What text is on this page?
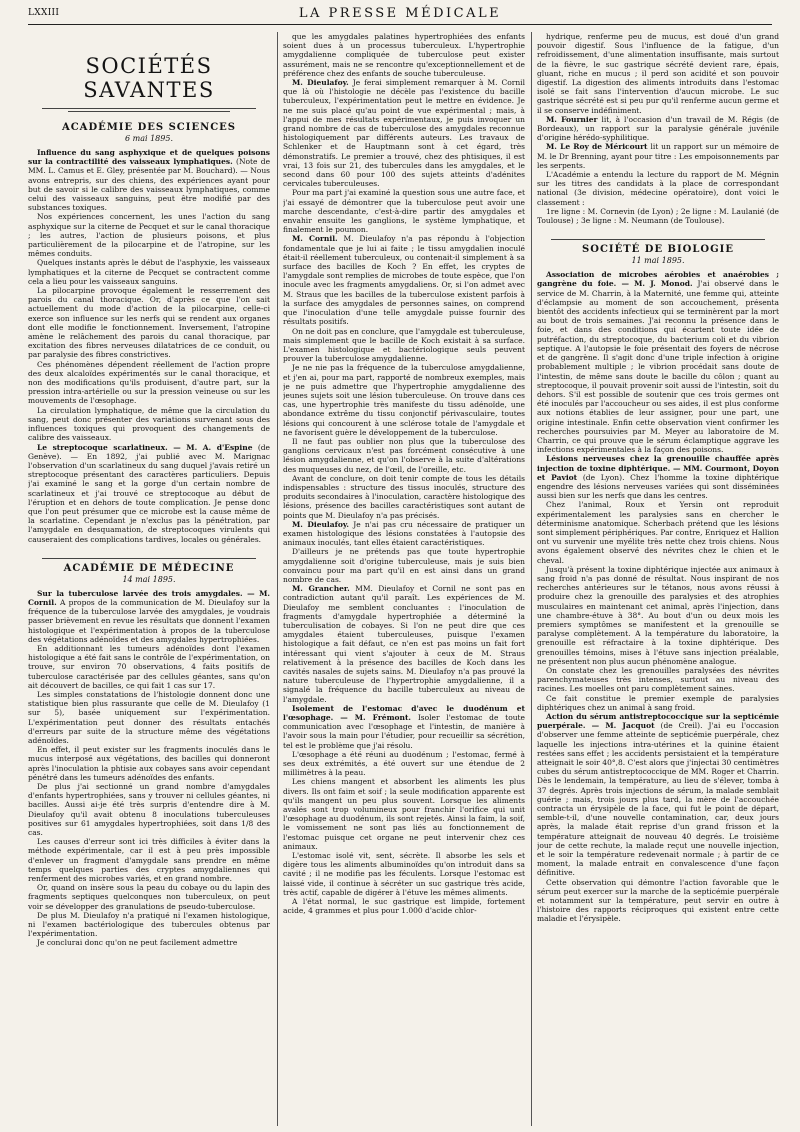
LXXIII	LA PRESSE MÉDICALE
SOCIÉTÉS SAVANTES
ACADÉMIE DES SCIENCES
6 mai 1895.

Influence du sang asphyxique et de quelques poisons sur la contractilité des vaisseaux lymphatiques. (Note de MM. L. Camus et E. Gley, présentée par M. Bouchard). — Nous avons entrepris, sur des chiens, des expériences ayant pour but de savoir si le calibre des vaisseaux lymphatiques, comme celui des vaisseaux sanguins, peut être modifié par des substances toxiques.

Nos expériences concernent, les unes l'action du sang asphyxique sur la citerne de Pecquet et sur le canal thoracique ; les autres, l'action de plusieurs poisons, et plus particulièrement de la pilocarpine et de l'atropine, sur les mêmes conduits.

Quelques instants après le début de l'asphyxie, les vaisseaux lymphatiques et la citerne de Pecquet se contractent comme cela a lieu pour les vaisseaux sanguins.

La pilocarpine provoque également le resserrement des parois du canal thoracique. Or, d'après ce que l'on sait actuellement du mode d'action de la pilocarpine, celle-ci exerce son influence sur les nerfs qui se rendent aux organes dont elle modifie le fonctionnement. Inversement, l'atropine amène le relâchement des parois du canal thoracique, par excitation des fibres nerveuses dilatatrices de ce conduit, ou par paralysie des fibres constrictives.

Ces phénomènes dépendent réellement de l'action propre des deux alcaloïdes expérimentés sur le canal thoracique, et non des modifications qu'ils produisent, d'autre part, sur la pression intra-artérielle ou sur la pression veineuse ou sur les mouvements de l'œsophage.

La circulation lymphatique, de même que la circulation du sang, peut donc présenter des variations survenant sous des influences toxiques qui provoquent des changements de calibre des vaisseaux.

Le streptocoque scarlatineux. — M. A. d'Espine (de Genève). — En 1892, j'ai publié avec M. Marignac l'observation d'un scarlatineux du sang duquel j'avais retiré un streptocoque présentant des caractères particuliers. Depuis j'ai examiné le sang et la gorge d'un certain nombre de scarlatineux et j'ai trouvé ce streptocoque au début de l'éruption et en dehors de toute complication. Je pense donc que l'on peut présumer que ce microbe est la cause même de la scarlatine. Cependant je n'exclus pas la pénétration, par l'amygdale en desquamation, de streptocoques virulents qui causeraient des complications tardives, locales ou générales.

ACADÉMIE DE MÉDECINE
14 mai 1895.

Sur la tuberculose larvée des trois amygdales. — M. Cornil. A propos de la communication de M. Dieulafoy sur la fréquence de la tuberculose larvée des amygdales, je voudrais passer brièvement en revue les résultats que donnent l'examen histologique et l'expérimentation à propos de la tuberculose des végétations adénoïdes et des amygdales hypertrophiées.

En additionnant les tumeurs adénoïdes dont l'examen histologique a été fait sans le contrôle de l'expérimentation, on trouve, sur environ 70 observations, 4 faits positifs de tuberculose caractérisée par des cellules géantes, sans qu'on ait découvert de bacilles, ce qui fait 1 cas sur 17.

Les simples constatations de l'histologie donnent donc une statistique bien plus rassurante que celle de M. Dieulafoy (1 sur 5), basée uniquement sur l'expérimentation. L'expérimentation peut donner des résultats entachés d'erreurs par suite de la structure même des végétations adénoïdes.

En effet, il peut exister sur les fragments inoculés dans le mucus interposé aux végétations, des bacilles qui donneront après l'inoculation la phtisie aux cobayes sans avoir cependant pénétré dans les tumeurs adénoïdes des enfants.

De plus j'ai sectionné un grand nombre d'amygdales d'enfants hypertrophiées, sans y trouver ni cellules géantes, ni bacilles. Aussi ai-je été très surpris d'entendre dire à M. Dieulafoy qu'il avait obtenu 8 inoculations tuberculeuses positives sur 61 amygdales hypertrophiées, soit dans 1/8 des cas.

Les causes d'erreur sont ici très difficiles à éviter dans la méthode expérimentale, car il est à peu près impossible d'enlever un fragment d'amygdale sans prendre en même temps quelques parties des cryptes amygdaliennes qui renferment des microbes variés, et en grand nombre.

Or, quand on insère sous la peau du cobaye ou du lapin des fragments septiques quelconques non tuberculeux, on peut voir se développer des granulations de pseudo-tuberculose.

De plus M. Dieulafoy n'a pratiqué ni l'examen histologique, ni l'examen bactériologique des tubercules obtenus par l'expérimentation.

Je conclurai donc qu'on ne peut facilement admettre

que les amygdales palatines hypertrophiées des enfants soient dues à un processus tuberculeux. L'hypertrophie amygdalienne compliquée de tuberculose peut exister assurément, mais ne se rencontre qu'exceptionnellement et de préférence chez des enfants de souche tuberculeuse.

M. Dieulafoy. Je ferai simplement remarquer à M. Cornil que là où l'histologie ne décèle pas l'existence du bacille tuberculeux, l'expérimentation peut le mettre en évidence. Je ne me suis placé qu'au point de vue expérimental ; mais, à l'appui de mes résultats expérimentaux, je puis invoquer un grand nombre de cas de tuberculose des amygdales reconnue histologiquement par différents auteurs. Les travaux de Schlenker et de Hauptmann sont à cet égard, très démonstratifs. Le premier a trouvé, chez des phtisiques, il est vrai, 13 fois sur 21, des tubercules dans les amygdales, et le second dans 60 pour 100 des sujets atteints d'adénites cervicales tuberculeuses.

Pour ma part j'ai examiné la question sous une autre face, et j'ai essayé de démontrer que la tuberculose peut avoir une marche descendante, c'est-à-dire partir des amygdales et envahir ensuite les ganglions, le système lymphatique, et finalement le poumon.

M. Cornil. M. Dieulafoy n'a pas répondu à l'objection fondamentale que je lui ai faite ; le tissu amygdalien inoculé était-il réellement tuberculeux, ou contenait-il simplement à sa surface des bacilles de Koch ? En effet, les cryptes de l'amygdale sont remplies de microbes de toute espèce, que l'on inocule avec les fragments amygdaliens. Or, si l'on admet avec M. Straus que les bacilles de la tuberculose existent parfois à la surface des amygdales de personnes saines, on comprend que l'inoculation d'une telle amygdale puisse fournir des résultats positifs.

On ne doit pas en conclure, que l'amygdale est tuberculeuse, mais simplement que le bacille de Koch existait à sa surface. L'examen histologique et bactériologique seuls peuvent prouver la tuberculose amygdalienne.

Je ne nie pas la fréquence de la tuberculose amygdalienne, et j'en ai, pour ma part, rapporté de nombreux exemples, mais je ne puis admettre que l'hypertrophie amygdalienne des jeunes sujets soit une lésion tuberculeuse. On trouve dans ces cas, une hypertrophie très manifeste du tissu adénoïde, une abondance extrême du tissu conjonctif périvasculaire, toutes lésions qui concourent à une sclérose totale de l'amygdale et ne favorisent guère le développement de la tuberculose.

Il ne faut pas oublier non plus que la tuberculose des ganglions cervicaux n'est pas forcément consécutive à une lésion amygdalienne, et qu'on l'observe à la suite d'altérations des muqueuses du nez, de l'œil, de l'oreille, etc.

Avant de conclure, on doit tenir compte de tous les détails indispensables : structure des tissus inoculés, structure des produits secondaires à l'inoculation, caractère histologique des lésions, présence des bacilles caractéristiques sont autant de points que M. Dieulafoy n'a pas précisés.

M. Dieulafoy. Je n'ai pas cru nécessaire de pratiquer un examen histologique des lésions constatées à l'autopsie des animaux inoculés, tant elles étaient caractéristiques.

D'ailleurs je ne prétends pas que toute hypertrophie amygdalienne soit d'origine tuberculeuse, mais je suis bien convaincu pour ma part qu'il en est ainsi dans un grand nombre de cas.

M. Grancher. MM. Dieulafoy et Cornil ne sont pas en contradiction autant qu'il paraît. Les expériences de M. Dieulafoy me semblent concluantes : l'inoculation de fragments d'amygdale hypertrophiée a déterminé la tuberculisation de cobayes. Si l'on ne peut dire que ces amygdales étaient tuberculeuses, puisque l'examen histologique a fait défaut, ce n'en est pas moins un fait fort intéressant qui vient s'ajouter à ceux de M. Straus relativement à la présence des bacilles de Koch dans les cavités nasales de sujets sains. M. Dieulafoy n'a pas prouvé la nature tuberculeuse de l'hypertrophie amygdalienne, il a signalé la fréquence du bacille tuberculeux au niveau de l'amygdale.

Isolement de l'estomac d'avec le duodénum et l'œsophage. — M. Frémont. Isoler l'estomac de toute communication avec l'œsophage et l'intestin, de manière à l'avoir sous la main pour l'étudier, pour recueillir sa sécrétion, tel est le problème que j'ai résolu.

L'œsophage a été réuni au duodénum ; l'estomac, fermé à ses deux extrémités, a été ouvert sur une étendue de 2 millimètres à la peau.

Les chiens mangent et absorbent les aliments les plus divers. Ils ont faim et soif ; la seule modification apparente est qu'ils mangent un peu plus souvent. Lorsque les aliments avalés sont trop volumineux pour franchir l'orifice qui unit l'œsophage au duodénum, ils sont rejetés. Ainsi la faim, la soif, le vomissement ne sont pas liés au fonctionnement de l'estomac puisque cet organe ne peut intervenir chez ces animaux.

L'estomac isolé vit, sent, sécrète. Il absorbe les sels et digère tous les aliments albuminoïdes qu'on introduit dans sa cavité ; il ne modifie pas les féculents. Lorsque l'estomac est laissé vide, il continue à sécréter un suc gastrique très acide, très actif, capable de digérer à l'étuve les mêmes aliments.

A l'état normal, le suc gastrique est limpide, fortement acide, 4 grammes et plus pour 1.000 d'acide chlor-

hydrique, renferme peu de mucus, est doué d'un grand pouvoir digestif. Sous l'influence de la fatigue, d'un refroidissement, d'une alimentation insuffisante, mais surtout de la fièvre, le suc gastrique sécrété devient rare, épais, gluant, riche en mucus ; il perd son acidité et son pouvoir digestif. La digestion des aliments introduits dans l'estomac isolé se fait sans l'intervention d'aucun microbe. Le suc gastrique sécrété est si peu pur qu'il renferme aucun germe et il se conserve indéfiniment.

M. Fournier lit, à l'occasion d'un travail de M. Régis (de Bordeaux), un rapport sur la paralysie générale juvénile d'origine hérédo-syphilitique.

M. Le Roy de Méricourt lit un rapport sur un mémoire de M. le Dr Brenning, ayant pour titre : Les empoisonnements par les serpents.

L'Académie a entendu la lecture du rapport de M. Mégnin sur les titres des candidats à la place de correspondant national (3e division, médecine opératoire), dont voici le classement :

1re ligne : M. Cornevin (de Lyon) ; 2e ligne : M. Laulanié (de Toulouse) ; 3e ligne : M. Neumann (de Toulouse).

SOCIÉTÉ DE BIOLOGIE
11 mai 1895.

Association de microbes aérobies et anaérobies ; gangrène du foie. — M. J. Monod. J'ai observé dans le service de M. Charrin, à la Maternité, une femme qui, atteinte d'éclampsie au moment de son accouchement, présenta bientôt des accidents infectieux qui se terminèrent par la mort au bout de trois semaines. J'ai reconnu la présence dans le foie, et dans des conditions qui écartent toute idée de putréfaction, du streptocoque, du bacterium coli et du vibrion septique. A l'autopsie le foie présentait des foyers de nécrose et de gangrène. Il s'agit donc d'une triple infection à origine probablement multiple ; le vibrion procédait sans doute de l'intestin, de même sans doute le bacille du côlon ; quant au streptocoque, il pouvait provenir soit aussi de l'intestin, soit du dehors. S'il est possible de soutenir que ces trois germes ont été inoculés par l'accoucheur ou ses aides, il est plus conforme aux notions établies de leur assigner, pour une part, une origine intestinale. Enfin cette observation vient confirmer les recherches poursuivies par M. Meyer au laboratoire de M. Charrin, ce qui prouve que le sérum éclamptique aggrave les infections expérimentales à la façon des poisons.

Lésions nerveuses chez la grenouille chauffée après injection de toxine diphtérique. — MM. Courmont, Doyon et Paviot (de Lyon). Chez l'homme la toxine diphtérique engendre des lésions nerveuses variées qui sont disséminées aussi bien sur les nerfs que dans les centres.

Chez l'animal, Roux et Yersin ont reproduit expérimentalement les paralysies sans en chercher le déterminisme anatomique. Scherbach prétend que les lésions sont simplement périphériques. Par contre, Enriquez et Hallion ont vu survenir une myélite très nette chez trois chiens. Nous avons également observé des névrites chez le chien et le cheval.

Jusqu'à présent la toxine diphtérique injectée aux animaux à sang froid n'a pas donné de résultat. Nous inspirant de nos recherches antérieures sur le tétanos, nous avons réussi à produire chez la grenouille des paralysies et des atrophies musculaires en maintenant cet animal, après l'injection, dans une chambre-étuve à 38°. Au bout d'un ou deux mois les premiers symptômes se manifestent et la grenouille se paralyse complètement. A la température du laboratoire, la grenouille est réfractaire à la toxine diphtérique. Des grenouilles témoins, mises à l'étuve sans injection préalable, ne présentent non plus aucun phénomène analogue.

On constate chez les grenouilles paralysées des névrites parenchymateuses très intenses, surtout au niveau des racines. Les moelles ont paru complètement saines.

Ce fait constitue le premier exemple de paralysies diphtériques chez un animal à sang froid.

Action du sérum antistreptococcique sur la septicémie puerpérale. — M. Jacquot (de Creil). J'ai eu l'occasion d'observer une femme atteinte de septicémie puerpérale, chez laquelle les injections intra-utérines et la quinine étaient restées sans effet ; les accidents persistaient et la température atteignait le soir 40°,8. C'est alors que j'injectai 30 centimètres cubes du sérum antistreptococcique de MM. Roger et Charrin. Dès le lendemain, la température, au lieu de s'élever, tomba à 37 degrés. Après trois injections de sérum, la malade semblait guérie ; mais, trois jours plus tard, la mère de l'accouchée contracta un érysipèle de la face, qui fut le point de départ, semble-t-il, d'une nouvelle contamination, car, deux jours après, la malade était reprise d'un grand frisson et la température atteignait de nouveau 40 degrés. Le troisième jour de cette rechute, la malade reçut une nouvelle injection, et le soir la température redevenait normale ; à partir de ce moment, la malade entrait en convalescence d'une façon définitive.

Cette observation qui démontre l'action favorable que le sérum peut exercer sur la marche de la septicémie puerpérale et notamment sur la température, peut servir en outre à l'histoire des rapports réciproques qui existent entre cette maladie et l'érysipèle.
